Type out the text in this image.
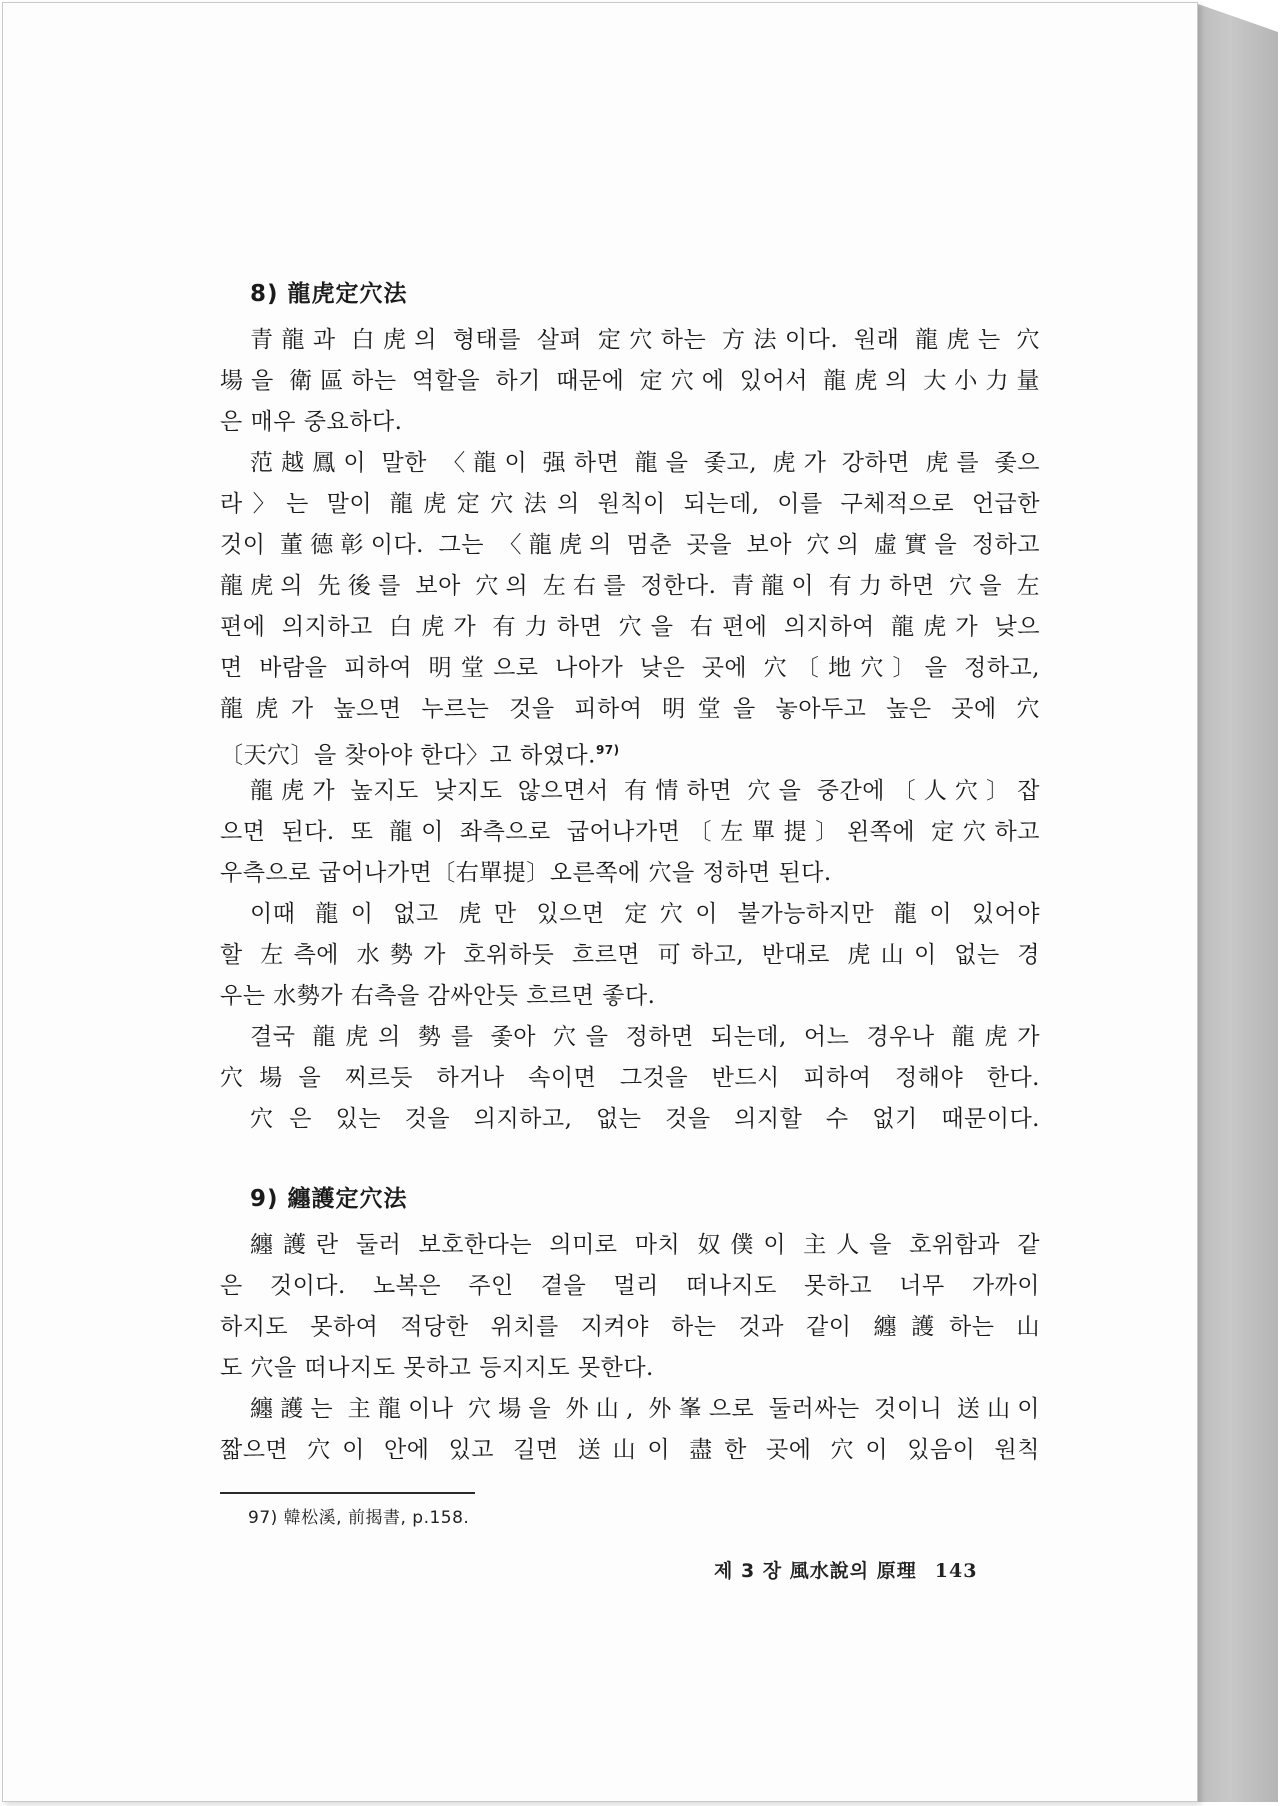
8) 龍虎定穴法
青龍과 白虎의 형태를 살펴 定穴하는 方法이다. 원래 龍虎는 穴
場을 衛區하는 역할을 하기 때문에 定穴에 있어서 龍虎의 大小力量
은 매우 중요하다.
范越鳳이 말한 〈龍이 强하면 龍을 좇고, 虎가 강하면 虎를 좇으
라〉는 말이 龍虎定穴法의 원칙이 되는데, 이를 구체적으로 언급한
것이 董德彰이다. 그는 〈龍虎의 멈춘 곳을 보아 穴의 虛實을 정하고
龍虎의 先後를 보아 穴의 左右를 정한다. 青龍이 有力하면 穴을 左
편에 의지하고 白虎가 有力하면 穴을 右편에 의지하여 龍虎가 낮으
면 바람을 피하여 明堂으로 나아가 낮은 곳에 穴〔地穴〕을 정하고,
龍虎가 높으면 누르는 것을 피하여 明堂을 놓아두고 높은 곳에 穴
〔天穴〕을 찾아야 한다〉고 하였다.$^{97)}$
龍虎가 높지도 낮지도 않으면서 有情하면 穴을 중간에〔人穴〕잡
으면 된다. 또 龍이 좌측으로 굽어나가면〔左單提〕왼쪽에 定穴하고
우측으로 굽어나가면〔右單提〕오른쪽에 穴을 정하면 된다.
이때 龍이 없고 虎만 있으면 定穴이 불가능하지만 龍이 있어야
할 左측에 水勢가 호위하듯 흐르면 可하고, 반대로 虎山이 없는 경
우는 水勢가 右측을 감싸안듯 흐르면 좋다.
결국 龍虎의 勢를 좇아 穴을 정하면 되는데, 어느 경우나 龍虎가
穴場을 찌르듯 하거나 속이면 그것을 반드시 피하여 정해야 한다.
穴은 있는 것을 의지하고, 없는 것을 의지할 수 없기 때문이다.
9) 纏護定穴法
纏護란 둘러 보호한다는 의미로 마치 奴僕이 主人을 호위함과 같
은 것이다. 노복은 주인 곁을 멀리 떠나지도 못하고 너무 가까이
하지도 못하여 적당한 위치를 지켜야 하는 것과 같이 纏護하는 山
도 穴을 떠나지도 못하고 등지지도 못한다.
纏護는 主龍이나 穴場을 外山, 外峯으로 둘러싸는 것이니 送山이
짧으면 穴이 안에 있고 길면 送山이 盡한 곳에 穴이 있음이 원칙
97) 韓松溪, 前揭書, p.158.
제 3 장 風水說의 原理 143
